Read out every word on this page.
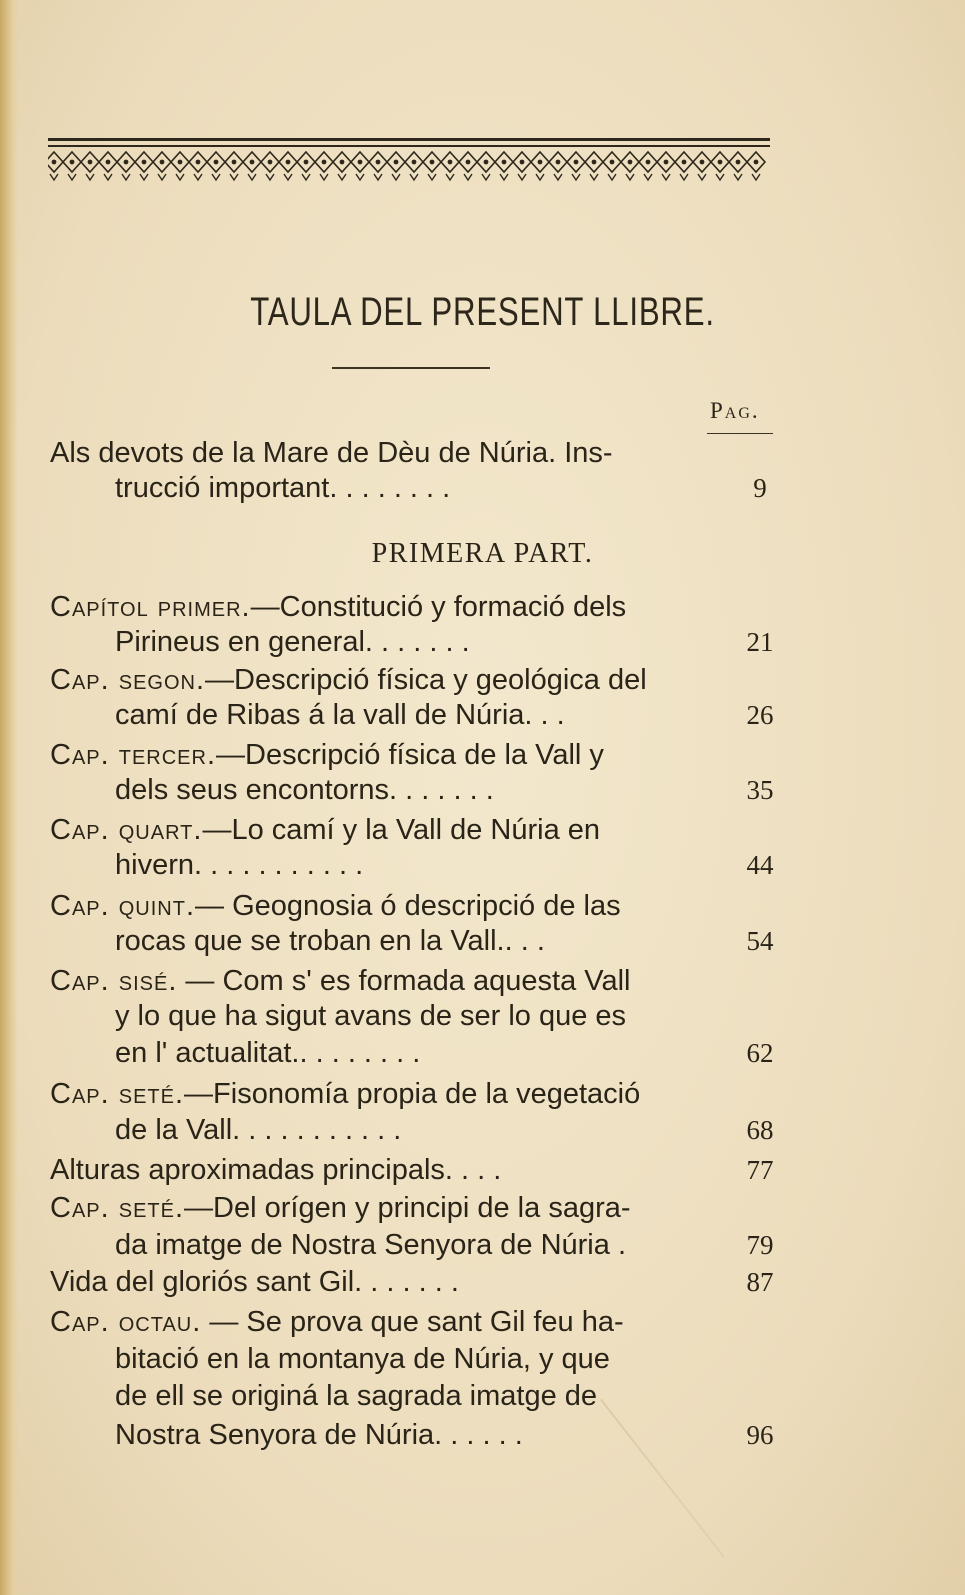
TAULA DEL PRESENT LLIBRE.
Pag.
Als devots de la Mare de Dèu de Núria. Ins-
trucció important. . . . . . . .	9
PRIMERA PART.
Capítol primer.—Constitució y formació dels
Pirineus en general. . . . . . .	21
Cap. segon.—Descripció física y geológica del
camí de Ribas á la vall de Núria. . .	26
Cap. tercer.—Descripció física de la Vall y
dels seus encontorns. . . . . . .	35
Cap. quart.—Lo camí y la Vall de Núria en
hivern. . . . . . . . . . .	44
Cap. quint.— Geognosia ó descripció de las
rocas que se troban en la Vall.. . .	54
Cap. sisé. — Com s' es formada aquesta Vall
y lo que ha sigut avans de ser lo que es
en l' actualitat.. . . . . . . .	62
Cap. seté.—Fisonomía propia de la vegetació
de la Vall. . . . . . . . . . .	68
Alturas aproximadas principals. . . .	77
Cap. seté.—Del orígen y principi de la sagra-
da imatge de Nostra Senyora de Núria .	79
Vida del gloriós sant Gil. . . . . . .	87
Cap. octau. — Se prova que sant Gil feu ha-
bitació en la montanya de Núria, y que
de ell se originá la sagrada imatge de
Nostra Senyora de Núria. . . . . .	96
